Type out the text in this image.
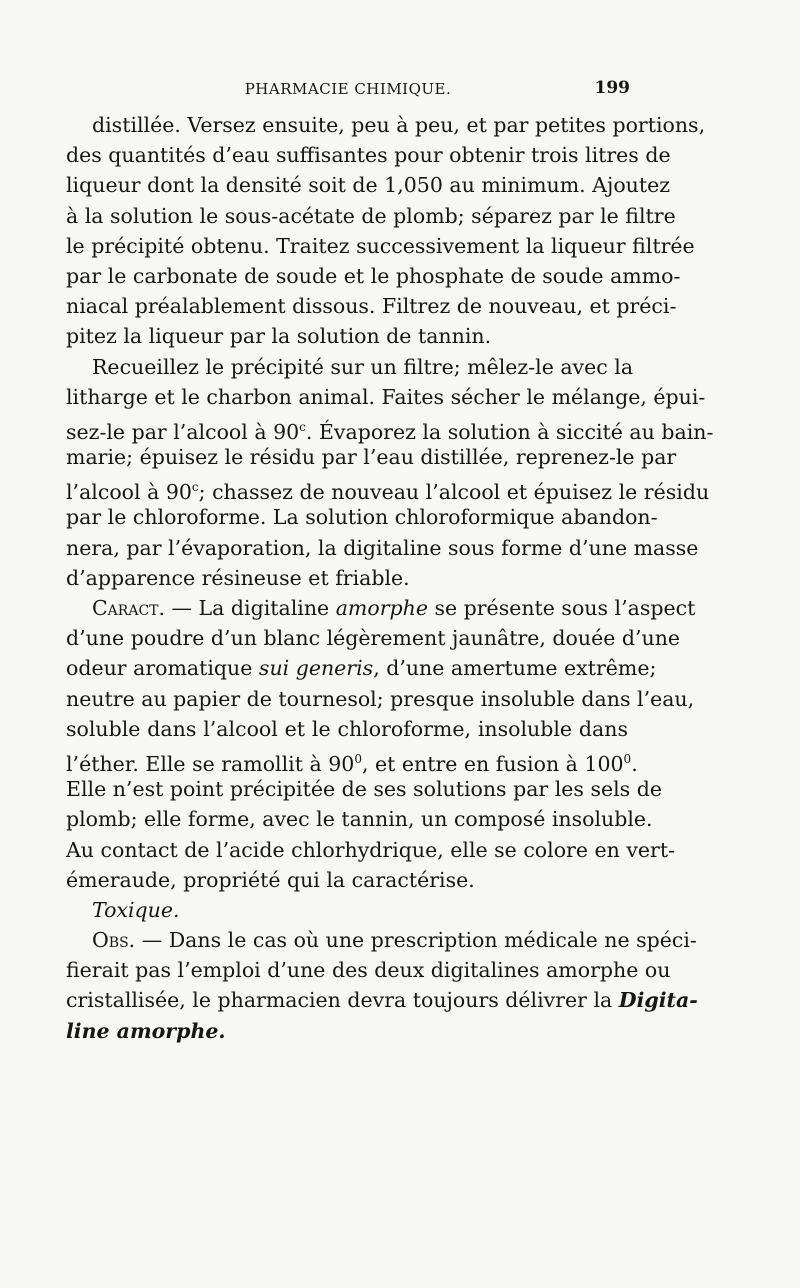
PHARMACIE CHIMIQUE.	199
distillée. Versez ensuite, peu à peu, et par petites portions,
des quantités d’eau suffisantes pour obtenir trois litres de
liqueur dont la densité soit de 1,050 au minimum. Ajoutez
à la solution le sous-acétate de plomb; séparez par le filtre
le précipité obtenu. Traitez successivement la liqueur filtrée
par le carbonate de soude et le phosphate de soude ammo-
niacal préalablement dissous. Filtrez de nouveau, et préci-
pitez la liqueur par la solution de tannin.
Recueillez le précipité sur un filtre; mêlez-le avec la
litharge et le charbon animal. Faites sécher le mélange, épui-
sez-le par l’alcool à 90$^c$. Évaporez la solution à siccité au bain-
marie; épuisez le résidu par l’eau distillée, reprenez-le par
l’alcool à 90$^c$; chassez de nouveau l’alcool et épuisez le résidu
par le chloroforme. La solution chloroformique abandon-
nera, par l’évaporation, la digitaline sous forme d’une masse
d’apparence résineuse et friable.
Caract. — La digitaline amorphe se présente sous l’aspect
d’une poudre d’un blanc légèrement jaunâtre, douée d’une
odeur aromatique sui generis, d’une amertume extrême;
neutre au papier de tournesol; presque insoluble dans l’eau,
soluble dans l’alcool et le chloroforme, insoluble dans
l’éther. Elle se ramollit à $90^0$, et entre en fusion à $100^0$.
Elle n’est point précipitée de ses solutions par les sels de
plomb; elle forme, avec le tannin, un composé insoluble.
Au contact de l’acide chlorhydrique, elle se colore en vert-
émeraude, propriété qui la caractérise.
Toxique.
Obs. — Dans le cas où une prescription médicale ne spéci-
fierait pas l’emploi d’une des deux digitalines amorphe ou
cristallisée, le pharmacien devra toujours délivrer la Digita-
line amorphe.
